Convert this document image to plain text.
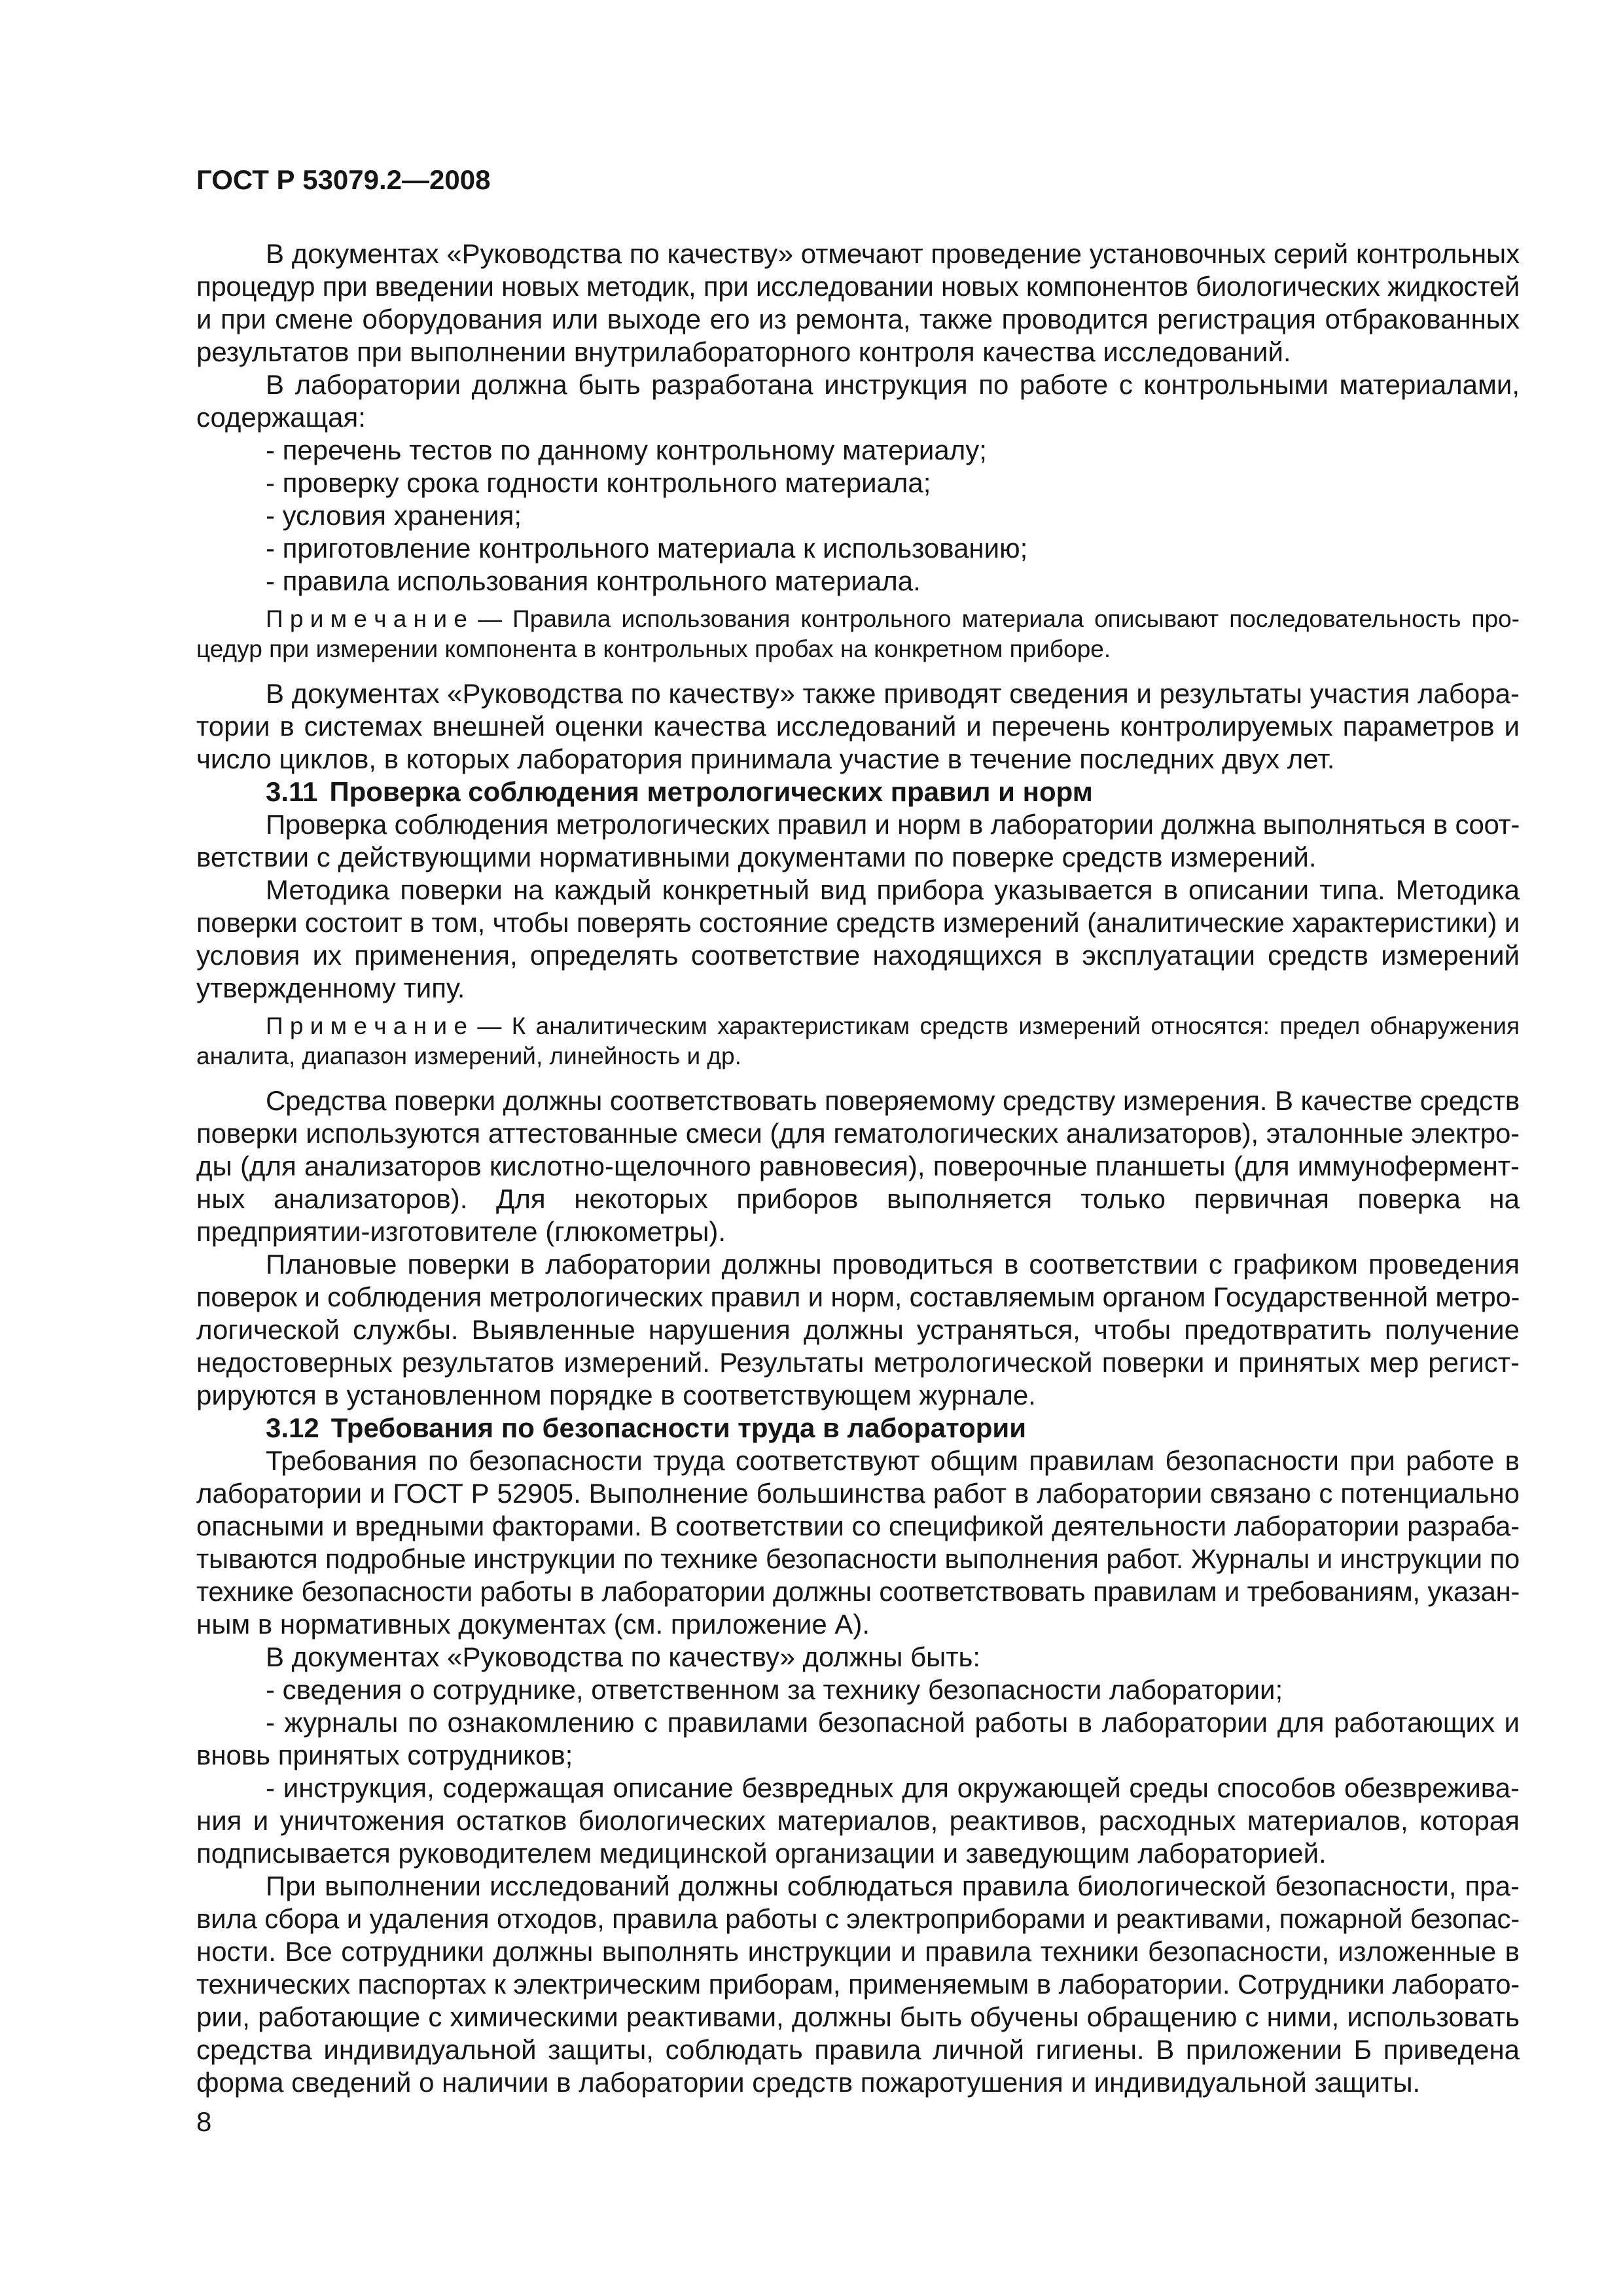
ГОСТ Р 53079.2—2008
В документах «Руководства по качеству» отмечают проведение установочных серий контрольных
процедур при введении новых методик, при исследовании новых компонентов биологических жидкостей
и при смене оборудования или выходе его из ремонта, также проводится регистрация отбракованных
результатов при выполнении внутрилабораторного контроля качества исследований.
В лаборатории должна быть разработана инструкция по работе с контрольными материалами,
содержащая:
- перечень тестов по данному контрольному материалу;
- проверку срока годности контрольного материала;
- условия хранения;
- приготовление контрольного материала к использованию;
- правила использования контрольного материала.
П р и м е ч а н и е — Правила использования контрольного материала описывают последовательность про-
цедур при измерении компонента в контрольных пробах на конкретном приборе.
В документах «Руководства по качеству» также приводят сведения и результаты участия лабора-
тории в системах внешней оценки качества исследований и перечень контролируемых параметров и
число циклов, в которых лаборатория принимала участие в течение последних двух лет.
3.11 Проверка соблюдения метрологических правил и норм
Проверка соблюдения метрологических правил и норм в лаборатории должна выполняться в соот-
ветствии с действующими нормативными документами по поверке средств измерений.
Методика поверки на каждый конкретный вид прибора указывается в описании типа. Методика
поверки состоит в том, чтобы поверять состояние средств измерений (аналитические характеристики) и
условия их применения, определять соответствие находящихся в эксплуатации средств измерений
утвержденному типу.
П р и м е ч а н и е — К аналитическим характеристикам средств измерений относятся: предел обнаружения
аналита, диапазон измерений, линейность и др.
Средства поверки должны соответствовать поверяемому средству измерения. В качестве средств
поверки используются аттестованные смеси (для гематологических анализаторов), эталонные электро-
ды (для анализаторов кислотно-щелочного равновесия), поверочные планшеты (для иммунофермент-
ных анализаторов). Для некоторых приборов выполняется только первичная поверка на
предприятии-изготовителе (глюкометры).
Плановые поверки в лаборатории должны проводиться в соответствии с графиком проведения
поверок и соблюдения метрологических правил и норм, составляемым органом Государственной метро-
логической службы. Выявленные нарушения должны устраняться, чтобы предотвратить получение
недостоверных результатов измерений. Результаты метрологической поверки и принятых мер регист-
рируются в установленном порядке в соответствующем журнале.
3.12 Требования по безопасности труда в лаборатории
Требования по безопасности труда соответствуют общим правилам безопасности при работе в
лаборатории и ГОСТ Р 52905. Выполнение большинства работ в лаборатории связано с потенциально
опасными и вредными факторами. В соответствии со спецификой деятельности лаборатории разраба-
тываются подробные инструкции по технике безопасности выполнения работ. Журналы и инструкции по
технике безопасности работы в лаборатории должны соответствовать правилам и требованиям, указан-
ным в нормативных документах (см. приложение А).
В документах «Руководства по качеству» должны быть:
- сведения о сотруднике, ответственном за технику безопасности лаборатории;
- журналы по ознакомлению с правилами безопасной работы в лаборатории для работающих и
вновь принятых сотрудников;
- инструкция, содержащая описание безвредных для окружающей среды способов обезврежива-
ния и уничтожения остатков биологических материалов, реактивов, расходных материалов, которая
подписывается руководителем медицинской организации и заведующим лабораторией.
При выполнении исследований должны соблюдаться правила биологической безопасности, пра-
вила сбора и удаления отходов, правила работы с электроприборами и реактивами, пожарной безопас-
ности. Все сотрудники должны выполнять инструкции и правила техники безопасности, изложенные в
технических паспортах к электрическим приборам, применяемым в лаборатории. Сотрудники лаборато-
рии, работающие с химическими реактивами, должны быть обучены обращению с ними, использовать
средства индивидуальной защиты, соблюдать правила личной гигиены. В приложении Б приведена
форма сведений о наличии в лаборатории средств пожаротушения и индивидуальной защиты.
8
